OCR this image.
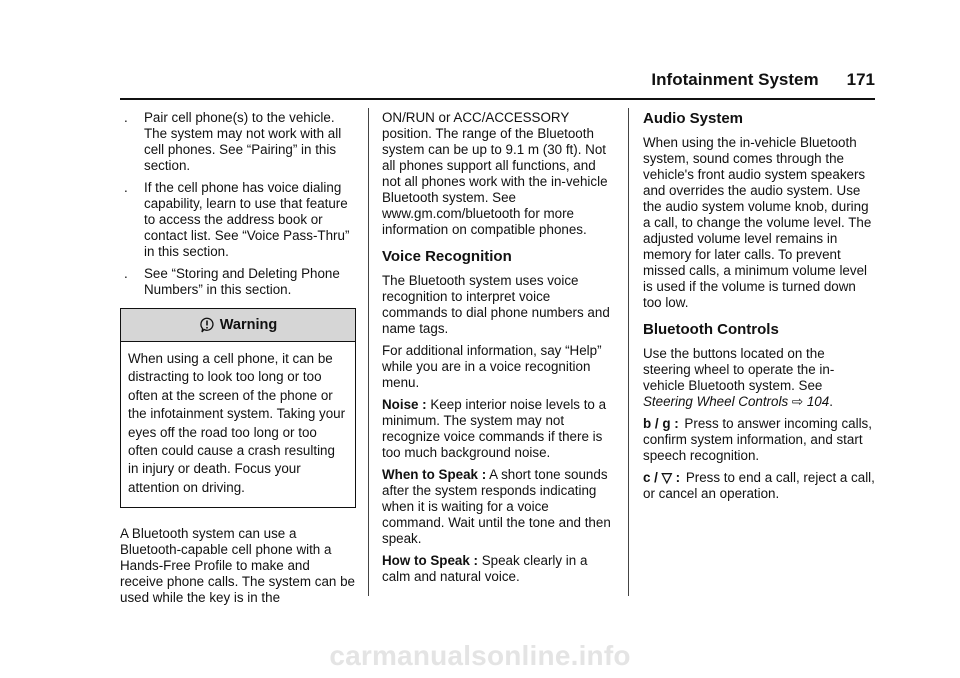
Infotainment System 171
.	Pair cell phone(s) to the vehicle. The system may not work with all cell phones. See “Pairing” in this section.
.	If the cell phone has voice dialing capability, learn to use that feature to access the address book or contact list. See “Voice Pass-Thru” in this section.
.	See “Storing and Deleting Phone Numbers” in this section.
Warning
When using a cell phone, it can be distracting to look too long or too often at the screen of the phone or the infotainment system. Taking your eyes off the road too long or too often could cause a crash resulting in injury or death. Focus your attention on driving.

A Bluetooth system can use a Bluetooth-capable cell phone with a Hands-Free Profile to make and receive phone calls. The system can be used while the key is in the

ON/RUN or ACC/ACCESSORY position. The range of the Bluetooth system can be up to 9.1 m (30 ft). Not all phones support all functions, and not all phones work with the in-vehicle Bluetooth system. See www.gm.com/bluetooth for more information on compatible phones.

Voice Recognition

The Bluetooth system uses voice recognition to interpret voice commands to dial phone numbers and name tags.

For additional information, say “Help” while you are in a voice recognition menu.

Noise : Keep interior noise levels to a minimum. The system may not recognize voice commands if there is too much background noise.

When to Speak : A short tone sounds after the system responds indicating when it is waiting for a voice command. Wait until the tone and then speak.

How to Speak : Speak clearly in a calm and natural voice.

Audio System

When using the in-vehicle Bluetooth system, sound comes through the vehicle's front audio system speakers and overrides the audio system. Use the audio system volume knob, during a call, to change the volume level. The adjusted volume level remains in memory for later calls. To prevent missed calls, a minimum volume level is used if the volume is turned down too low.

Bluetooth Controls

Use the buttons located on the steering wheel to operate the in-vehicle Bluetooth system. See Steering Wheel Controls ⇨ 104.

b / g : Press to answer incoming calls, confirm system information, and start speech recognition.

c / ▽ : Press to end a call, reject a call, or cancel an operation.

carmanualsonline.info
